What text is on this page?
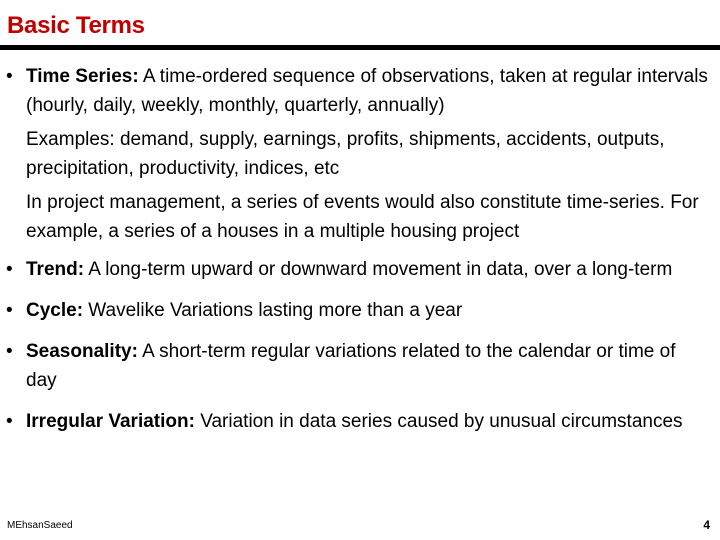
Basic Terms
• Time Series: A time-ordered sequence of observations, taken at regular intervals (hourly, daily, weekly, monthly, quarterly, annually)
Examples: demand, supply, earnings, profits, shipments, accidents, outputs, precipitation, productivity, indices, etc
In project management, a series of events would also constitute time-series. For example, a series of a houses in a multiple housing project
• Trend: A long-term upward or downward movement in data, over a long-term
• Cycle: Wavelike Variations lasting more than a year
• Seasonality: A short-term regular variations related to the calendar or time of day
• Irregular Variation: Variation in data series caused by unusual circumstances
MEhsanSaeed	4
